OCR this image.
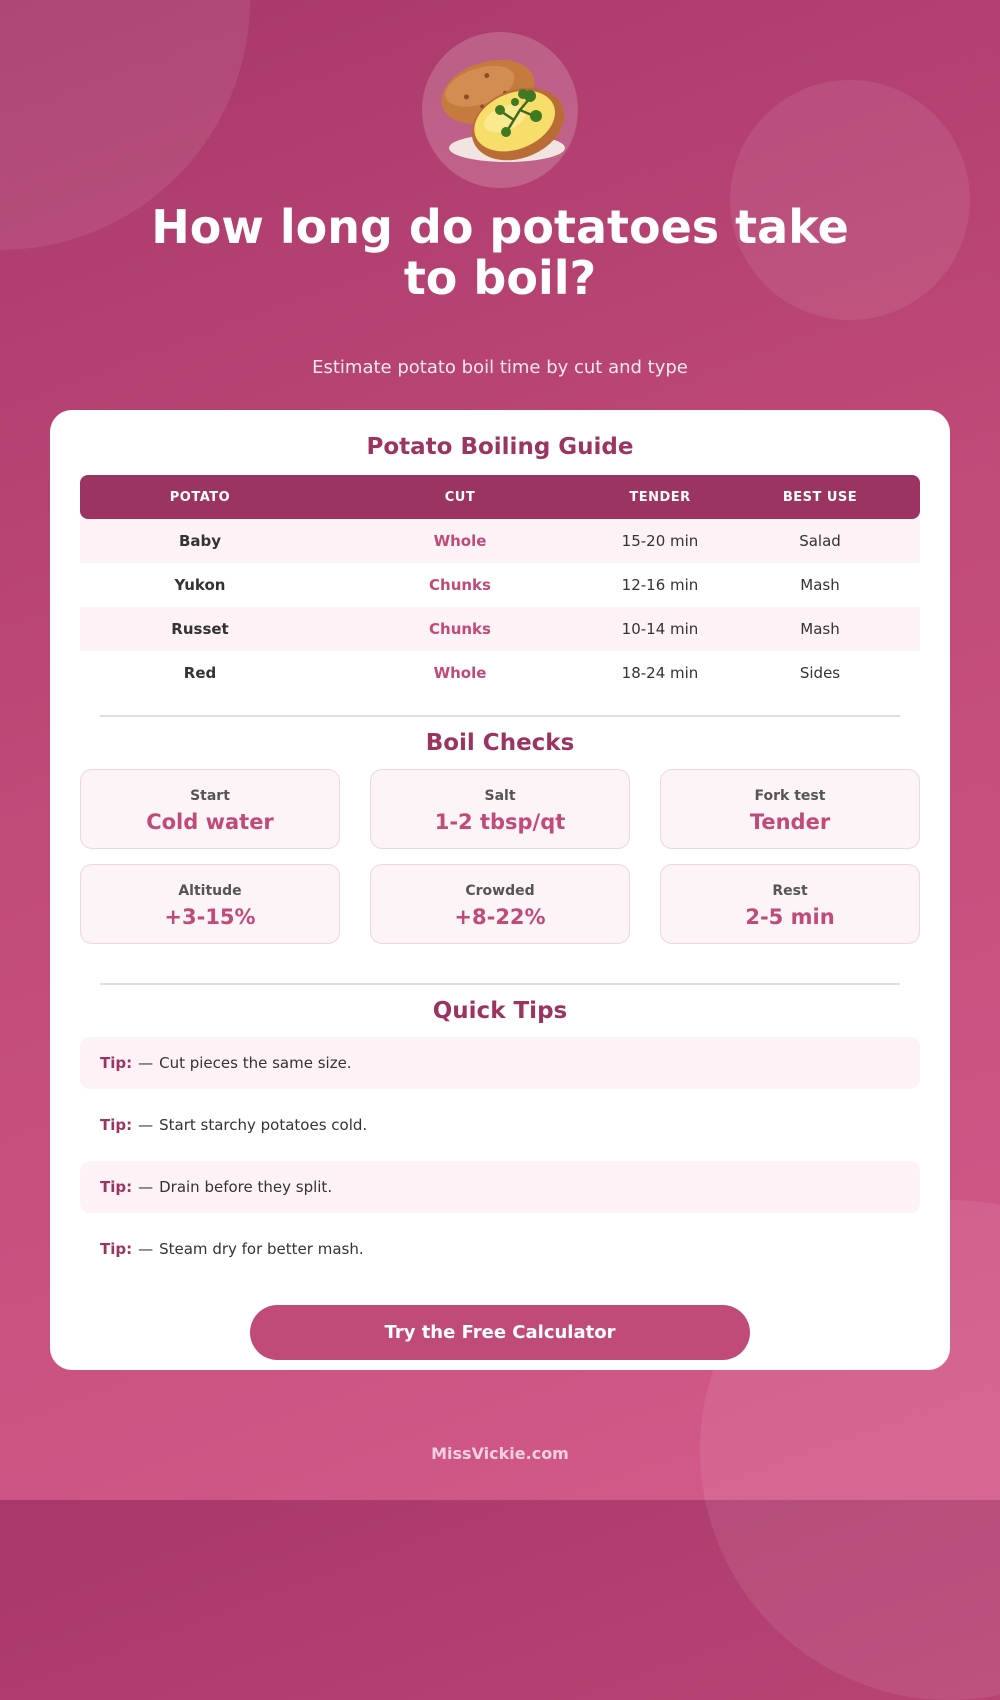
How long do potatoes take to boil?
Estimate potato boil time by cut and type
Potato Boiling Guide
POTATO	CUT	TENDER	BEST USE
Baby	Whole	15-20 min	Salad
Yukon	Chunks	12-16 min	Mash
Russet	Chunks	10-14 min	Mash
Red	Whole	18-24 min	Sides
Boil Checks
Start
Cold water
Salt
1-2 tbsp/qt
Fork test
Tender
Altitude
+3-15%
Crowded
+8-22%
Rest
2-5 min
Quick Tips
Tip: — Cut pieces the same size.
Tip: — Start starchy potatoes cold.
Tip: — Drain before they split.
Tip: — Steam dry for better mash.
Try the Free Calculator
MissVickie.com
